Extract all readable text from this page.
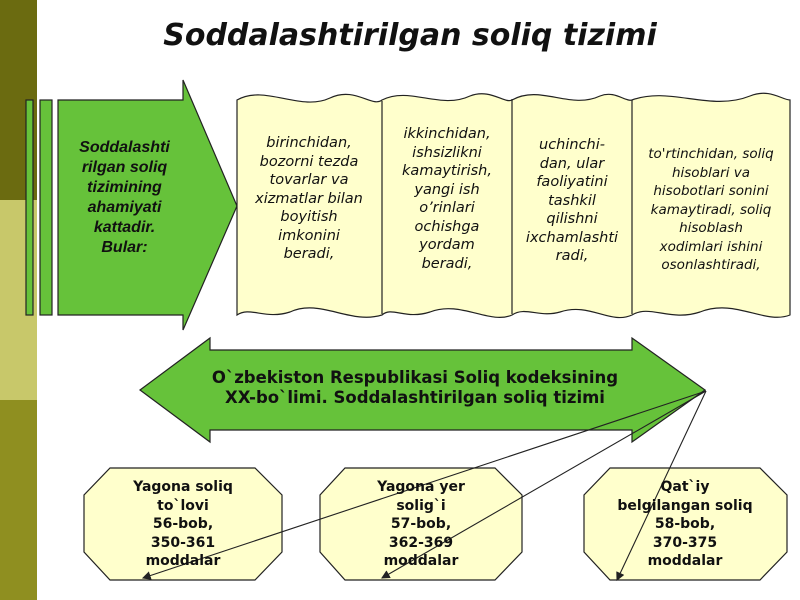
Soddalashtirilgan soliq tizimi
Soddalashti
rilgan soliq
tizimining
ahamiyati
kattadir.
Bular:
birinchidan,
bozorni tezda
tovarlar va
xizmatlar bilan
boyitish
imkonini
beradi,
ikkinchidan,
ishsizlikni
kamaytirish,
yangi ish
o’rinlari
ochishga
yordam
beradi,
uchinchi-
dan, ular
faoliyatini
tashkil
qilishni
ixchamlashti
radi,
to'rtinchidan, soliq
hisoblari va
hisobotlari sonini
kamaytiradi, soliq
hisoblash
xodimlari ishini
osonlashtiradi,
O`zbekiston Respublikasi Soliq kodeksining
XX-bo`limi. Soddalashtirilgan soliq tizimi
Yagona soliq
to`lovi
56-bob,
350-361
moddalar
Yagona yer
solig`i
57-bob,
362-369
moddalar
Qat`iy
belgilangan soliq
58-bob,
370-375
moddalar
